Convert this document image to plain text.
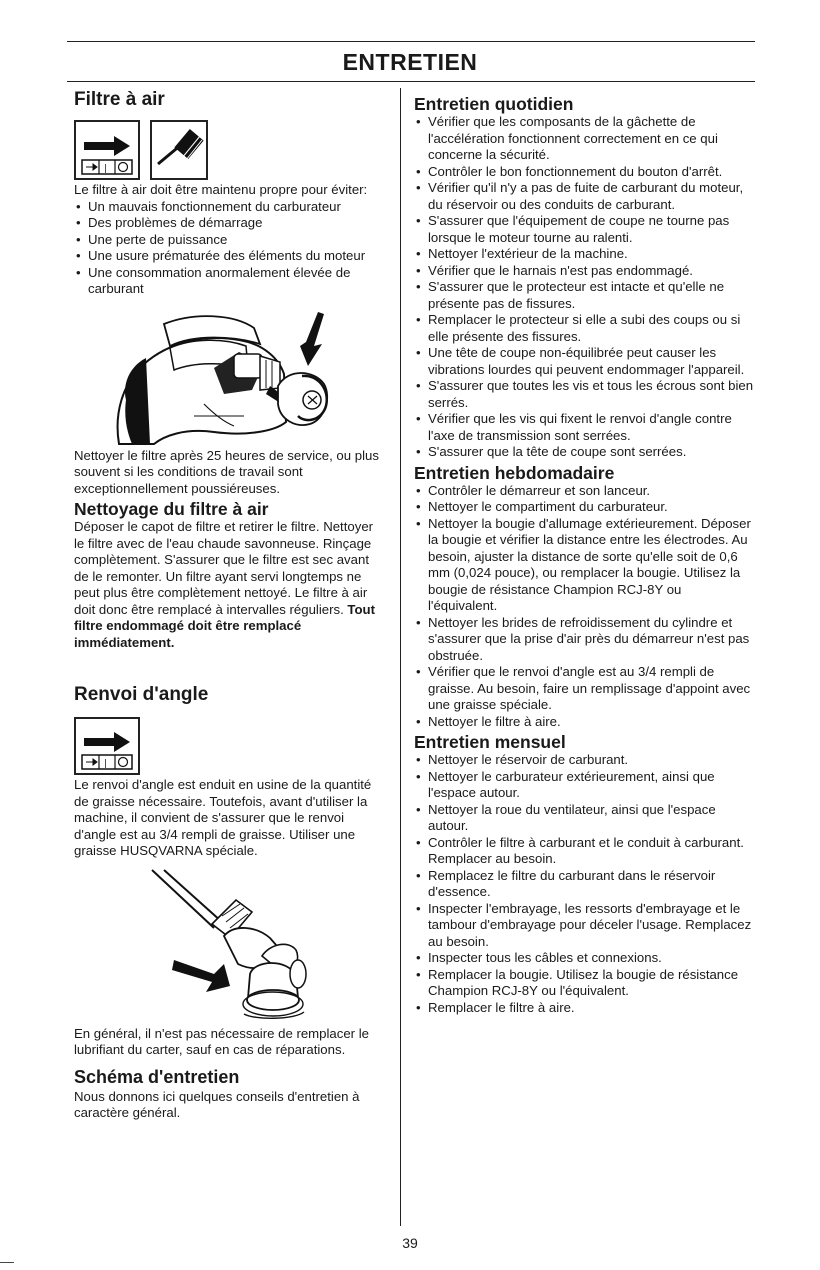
ENTRETIEN
Filtre à air
|

Le filtre à air doit être maintenu propre pour éviter:

• Un mauvais fonctionnement du carburateur
• Des problèmes de démarrage
• Une perte de puissance
• Une usure prématurée des éléments du moteur
• Une consommation anormalement élevée de carburant

Nettoyer le filtre après 25 heures de service, ou plus souvent si les conditions de travail sont exceptionnellement poussiéreuses.

Nettoyage du filtre à air

Déposer le capot de filtre et retirer le filtre. Nettoyer le filtre avec de l'eau chaude savonneuse. Rinçage complètement. S'assurer que le filtre est sec avant de le remonter. Un filtre ayant servi longtemps ne peut plus être complètement nettoyé. Le filtre à air doit donc être remplacé à intervalles réguliers. Tout filtre endommagé doit être remplacé immédiatement.

Renvoi d'angle
|

Le renvoi d'angle est enduit en usine de la quantité de graisse nécessaire. Toutefois, avant d'utiliser la machine, il convient de s'assurer que le renvoi d'angle est au 3/4 rempli de graisse. Utiliser une graisse HUSQVARNA spéciale.

En général, il n'est pas nécessaire de remplacer le lubrifiant du carter, sauf en cas de réparations.

Schéma d'entretien

Nous donnons ici quelques conseils d'entretien à caractère général.

Entretien quotidien
• Vérifier que les composants de la gâchette de l'accélération fonctionnent correctement en ce qui concerne la sécurité.
• Contrôler le bon fonctionnement du bouton d'arrêt.
• Vérifier qu'il n'y a pas de fuite de carburant du moteur, du réservoir ou des conduits de carburant.
• S'assurer que l'équipement de coupe ne tourne pas lorsque le moteur tourne au ralenti.
• Nettoyer l'extérieur de la machine.
• Vérifier que le harnais n'est pas endommagé.
• S'assurer que le protecteur est intacte et qu'elle ne présente pas de fissures.
• Remplacer le protecteur si elle a subi des coups ou si elle présente des fissures.
• Une tête de coupe non-équilibrée peut causer les vibrations lourdes qui peuvent endommager l'appareil.
• S'assurer que toutes les vis et tous les écrous sont bien serrés.
• Vérifier que les vis qui fixent le renvoi d'angle contre l'axe de transmission sont serrées.
• S'assurer que la tête de coupe sont serrées.
Entretien hebdomadaire
• Contrôler le démarreur et son lanceur.
• Nettoyer le compartiment du carburateur.
• Nettoyer la bougie d'allumage extérieurement. Déposer la bougie et vérifier la distance entre les électrodes. Au besoin, ajuster la distance de sorte qu'elle soit de 0,6 mm (0,024 pouce), ou remplacer la bougie. Utilisez la bougie de résistance Champion RCJ-8Y ou l'équivalent.
• Nettoyer les brides de refroidissement du cylindre et s'assurer que la prise d'air près du démarreur n'est pas obstruée.
• Vérifier que le renvoi d'angle est au 3/4 rempli de graisse. Au besoin, faire un remplissage d'appoint avec une graisse spéciale.
• Nettoyer le filtre à aire.
Entretien mensuel
• Nettoyer le réservoir de carburant.
• Nettoyer le carburateur extérieurement, ainsi que l'espace autour.
• Nettoyer la roue du ventilateur, ainsi que l'espace autour.
• Contrôler le filtre à carburant et le conduit à carburant. Remplacer au besoin.
• Remplacez le filtre du carburant dans le réservoir d'essence.
• Inspecter l'embrayage, les ressorts d'embrayage et le tambour d'embrayage pour déceler l'usage. Remplacez au besoin.
• Inspecter tous les câbles et connexions.
• Remplacer la bougie. Utilisez la bougie de résistance Champion RCJ-8Y ou l'équivalent.
• Remplacer le filtre à aire.
39
